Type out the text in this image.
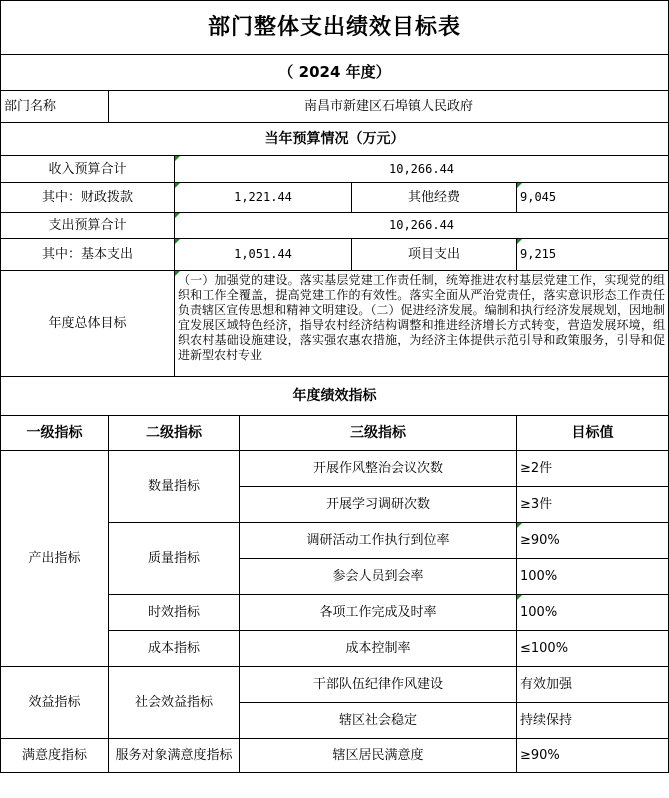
部门整体支出绩效目标表					
（ 2024 年度）					
部门名称	南昌市新建区石埠镇人民政府				
当年预算情况（万元）					
收入预算合计		10,266.44			
其中：财政拨款		1,221.44		其他经费	9,045
支出预算合计		10,266.44			
其中：基本支出		1,051.44		项目支出	9,215
年度总体目标		（一）加强党的建设。落实基层党建工作责任制，统筹推进农村基层党建工作，实现党的组织和工作全覆盖，提高党建工作的有效性。落实全面从严治党责任，落实意识形态工作责任负责辖区宣传思想和精神文明建设。（二）促进经济发展。编制和执行经济发展规划，因地制宜发展区域特色经济，指导农村经济结构调整和推进经济增长方式转变，营造发展环境，组织农村基础设施建设，落实强农惠农措施，为经济主体提供示范引导和政策服务，引导和促进新型农村专业			

年度绩效指标					
一级指标	二级指标		三级指标		目标值
产出指标	数量指标		开展作风整治会议次数		≥2件
			开展学习调研次数		≥3件
	质量指标		调研活动工作执行到位率		≥90%
			参会人员到会率		100%
	时效指标		各项工作完成及时率		100%
	成本指标		成本控制率		≤100%
效益指标	社会效益指标		干部队伍纪律作风建设		有效加强
			辖区社会稳定		持续保持
满意度指标	服务对象满意度指标		辖区居民满意度		≥90%
